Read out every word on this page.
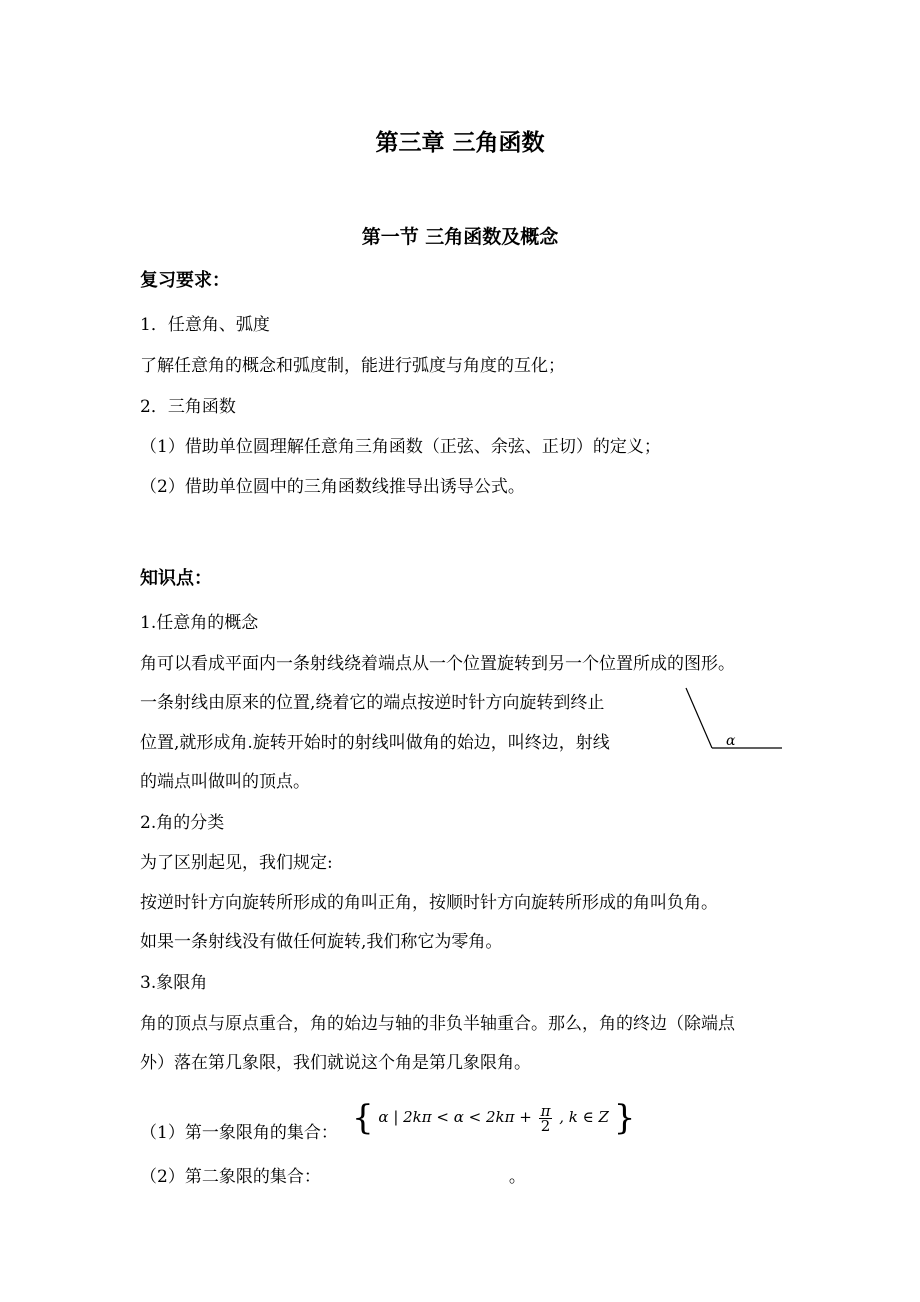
第三章 三角函数
第一节 三角函数及概念
复习要求：
1．任意角、弧度
了解任意角的概念和弧度制，能进行弧度与角度的互化；
2．三角函数
（1）借助单位圆理解任意角三角函数（正弦、余弦、正切）的定义；
（2）借助单位圆中的三角函数线推导出诱导公式。
知识点：
1.任意角的概念
角可以看成平面内一条射线绕着端点从一个位置旋转到另一个位置所成的图形。
一条射线由原来的位置,绕着它的端点按逆时针方向旋转到终止
位置,就形成角.旋转开始时的射线叫做角的始边，叫终边，射线
的端点叫做叫的顶点。
α
2.角的分类
为了区别起见，我们规定:
按逆时针方向旋转所形成的角叫正角，按顺时针方向旋转所形成的角叫负角。
如果一条射线没有做任何旋转,我们称它为零角。
3.象限角
角的顶点与原点重合，角的始边与轴的非负半轴重合。那么，角的终边（除端点
外）落在第几象限，我们就说这个角是第几象限角。
（1）第一象限角的集合： { α | $2k\pi < \alpha < 2k\pi + \frac{\pi}{2}$ , k ∈ Z }
（2）第二象限的集合：	。
